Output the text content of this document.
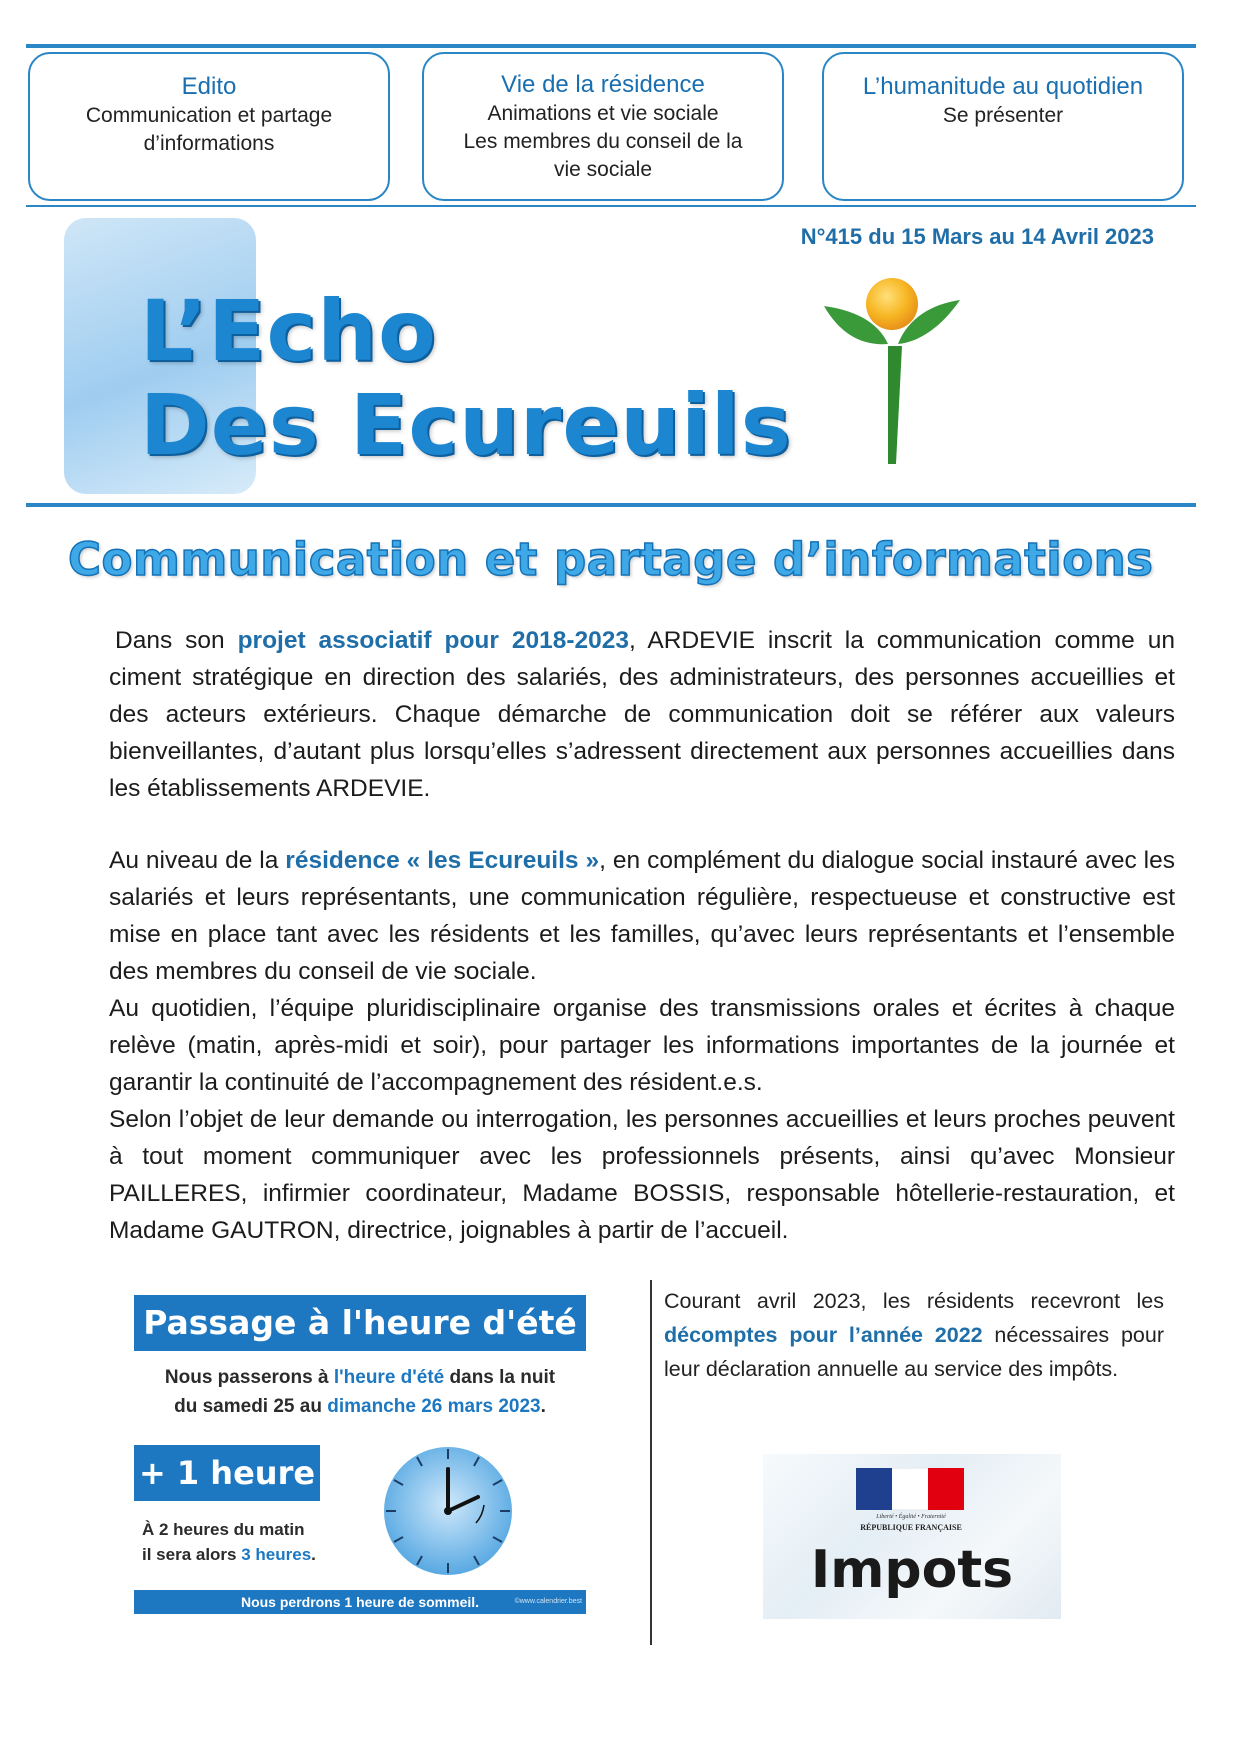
Edito
Communication et partage
d’informations
Vie de la résidence
Animations et vie sociale
Les membres du conseil de la
vie sociale
L’humanitude au quotidien
Se présenter
N°415 du 15 Mars au 14 Avril 2023
L’Echo
Des Ecureuils
Communication et partage d’informations

Dans son projet associatif pour 2018-2023, ARDEVIE inscrit la communication comme un ciment stratégique en direction des salariés, des administrateurs, des personnes accueillies et des acteurs extérieurs. Chaque démarche de communication doit se référer aux valeurs bienveillantes, d’autant plus lorsqu’elles s’adressent directement aux personnes accueillies dans les établissements ARDEVIE.

Au niveau de la résidence « les Ecureuils », en complément du dialogue social instauré avec les salariés et leurs représentants, une communication régulière, respectueuse et constructive est mise en place tant avec les résidents et les familles, qu’avec leurs représentants et l’ensemble des membres du conseil de vie sociale.

Au quotidien, l’équipe pluridisciplinaire organise des transmissions orales et écrites à chaque relève (matin, après-midi et soir), pour partager les informations importantes de la journée et garantir la continuité de l’accompagnement des résident.e.s.

Selon l’objet de leur demande ou interrogation, les personnes accueillies et leurs proches peuvent à tout moment communiquer avec les professionnels présents, ainsi qu’avec Monsieur PAILLERES, infirmier coordinateur, Madame BOSSIS, responsable hôtellerie-restauration, et Madame GAUTRON, directrice, joignables à partir de l’accueil.

Passage à l'heure d'été
Nous passerons à l'heure d'été dans la nuit
du samedi 25 au dimanche 26 mars 2023.
+ 1 heure
À 2 heures du matin
il sera alors 3 heures.
Nous perdrons 1 heure de sommeil.	©www.calendrier.best

Courant avril 2023, les résidents recevront les décomptes pour l’année 2022 nécessaires pour leur déclaration annuelle au service des impôts.

Liberté • Égalité • Fraternité
RÉPUBLIQUE FRANÇAISE
Impots
